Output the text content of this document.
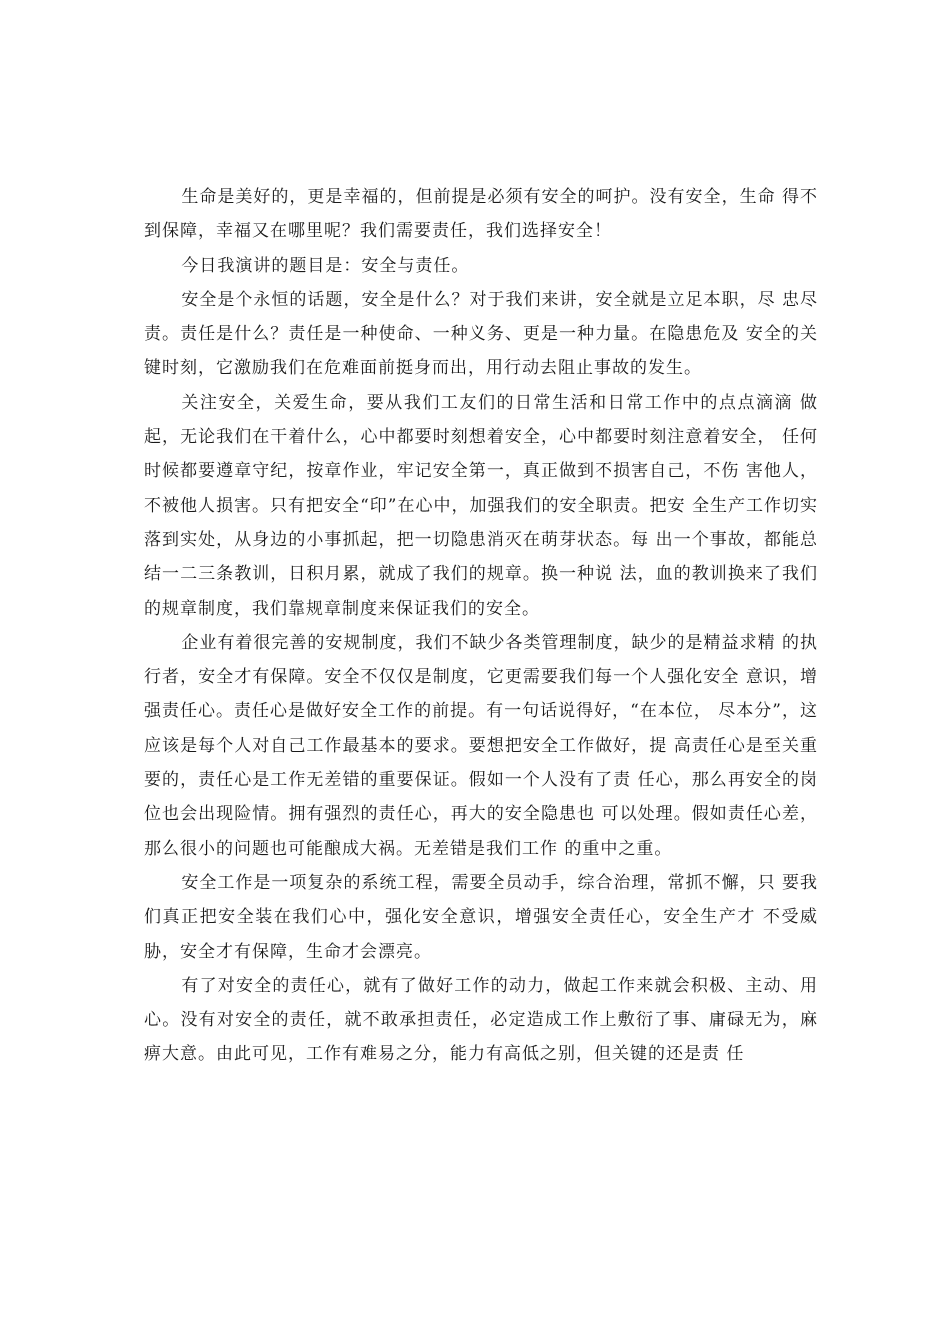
生命是美好的，更是幸福的，但前提是必须有安全的呵护。没有安全，生命 得不到保障，幸福又在哪里呢？我们需要责任，我们选择安全！

今日我演讲的题目是：安全与责任。

安全是个永恒的话题，安全是什么？对于我们来讲，安全就是立足本职，尽 忠尽责。责任是什么？责任是一种使命、一种义务、更是一种力量。在隐患危及 安全的关键时刻，它激励我们在危难面前挺身而出，用行动去阻止事故的发生。

关注安全，关爱生命，要从我们工友们的日常生活和日常工作中的点点滴滴 做起，无论我们在干着什么，心中都要时刻想着安全，心中都要时刻注意着安全， 任何时候都要遵章守纪，按章作业，牢记安全第一，真正做到不损害自己，不伤 害他人，不被他人损害。只有把安全“印”在心中，加强我们的安全职责。把安 全生产工作切实落到实处，从身边的小事抓起，把一切隐患消灭在萌芽状态。每 出一个事故，都能总结一二三条教训，日积月累，就成了我们的规章。换一种说 法，血的教训换来了我们的规章制度，我们靠规章制度来保证我们的安全。

企业有着很完善的安规制度，我们不缺少各类管理制度，缺少的是精益求精 的执行者，安全才有保障。安全不仅仅是制度，它更需要我们每一个人强化安全 意识，增强责任心。责任心是做好安全工作的前提。有一句话说得好，“在本位， 尽本分”，这应该是每个人对自己工作最基本的要求。要想把安全工作做好，提 高责任心是至关重要的，责任心是工作无差错的重要保证。假如一个人没有了责 任心，那么再安全的岗位也会出现险情。拥有强烈的责任心，再大的安全隐患也 可以处理。假如责任心差，那么很小的问题也可能酿成大祸。无差错是我们工作 的重中之重。

安全工作是一项复杂的系统工程，需要全员动手，综合治理，常抓不懈，只 要我们真正把安全装在我们心中，强化安全意识，增强安全责任心，安全生产才 不受威胁，安全才有保障，生命才会漂亮。

有了对安全的责任心，就有了做好工作的动力，做起工作来就会积极、主动、用心。没有对安全的责任，就不敢承担责任，必定造成工作上敷衍了事、庸碌无为，麻痹大意。由此可见，工作有难易之分，能力有高低之别，但关键的还是责 任
